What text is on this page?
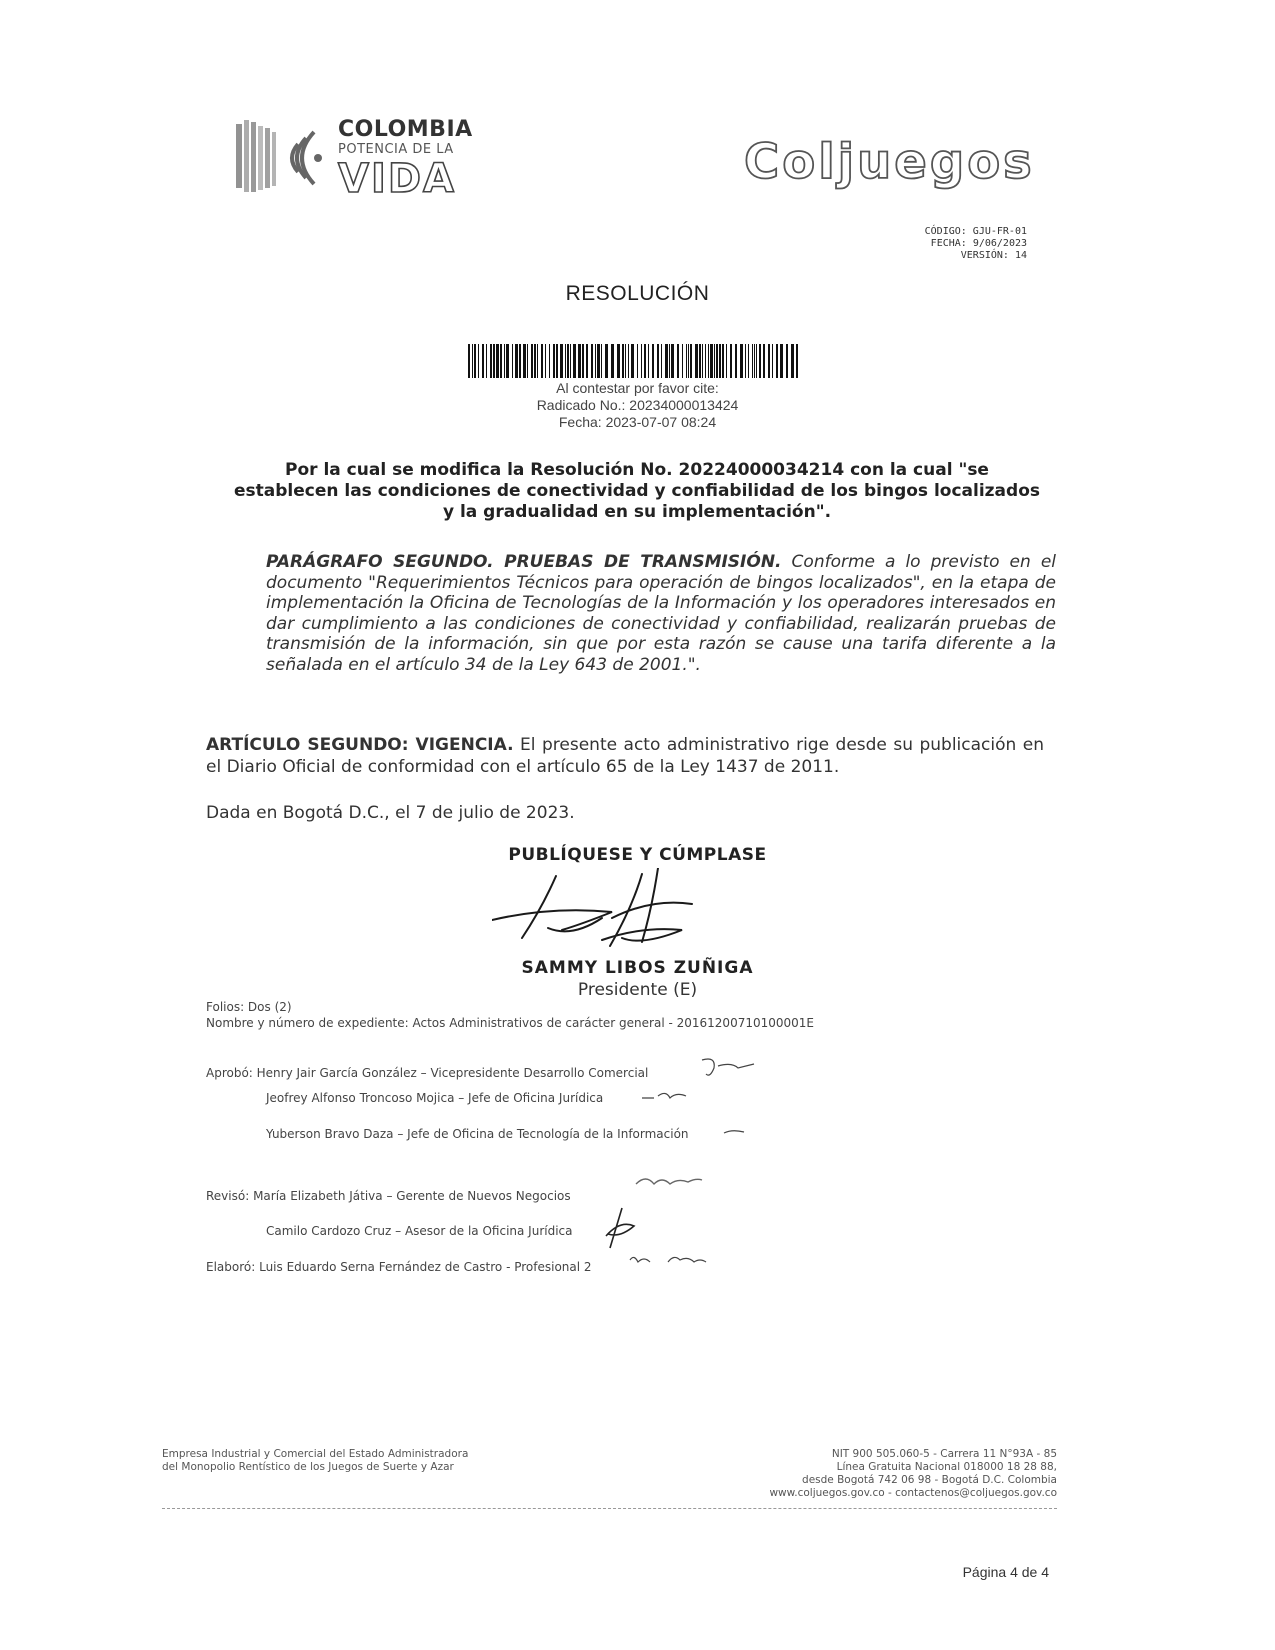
COLOMBIA
POTENCIA DE LA
VIDA	Coljuegos
CÓDIGO: GJU-FR-01
FECHA: 9/06/2023
VERSIÓN: 14
RESOLUCIÓN
Al contestar por favor cite:
Radicado No.: 20234000013424
Fecha: 2023-07-07 08:24
Por la cual se modifica la Resolución No. 20224000034214 con la cual "se establecen las condiciones de conectividad y confiabilidad de los bingos localizados y la gradualidad en su implementación".
PARÁGRAFO SEGUNDO. PRUEBAS DE TRANSMISIÓN. Conforme a lo previsto en el documento "Requerimientos Técnicos para operación de bingos localizados", en la etapa de implementación la Oficina de Tecnologías de la Información y los operadores interesados en dar cumplimiento a las condiciones de conectividad y confiabilidad, realizarán pruebas de transmisión de la información, sin que por esta razón se cause una tarifa diferente a la señalada en el artículo 34 de la Ley 643 de 2001.".
ARTÍCULO SEGUNDO: VIGENCIA. El presente acto administrativo rige desde su publicación en el Diario Oficial de conformidad con el artículo 65 de la Ley 1437 de 2011.
Dada en Bogotá D.C., el 7 de julio de 2023.
PUBLÍQUESE Y CÚMPLASE
SAMMY LIBOS ZUÑIGA
Presidente (E)
Folios: Dos (2)
Nombre y número de expediente: Actos Administrativos de carácter general - 20161200710100001E
Aprobó: Henry Jair García González – Vicepresidente Desarrollo Comercial
Jeofrey Alfonso Troncoso Mojica – Jefe de Oficina Jurídica
Yuberson Bravo Daza – Jefe de Oficina de Tecnología de la Información
Revisó: María Elizabeth Játiva – Gerente de Nuevos Negocios
Camilo Cardozo Cruz – Asesor de la Oficina Jurídica
Elaboró: Luis Eduardo Serna Fernández de Castro - Profesional 2
Empresa Industrial y Comercial del Estado Administradora
del Monopolio Rentístico de los Juegos de Suerte y Azar
NIT 900 505.060-5 - Carrera 11 N°93A - 85
Línea Gratuita Nacional 018000 18 28 88,
desde Bogotá 742 06 98 - Bogotá D.C. Colombia
www.coljuegos.gov.co - contactenos@coljuegos.gov.co
Página 4 de 4
